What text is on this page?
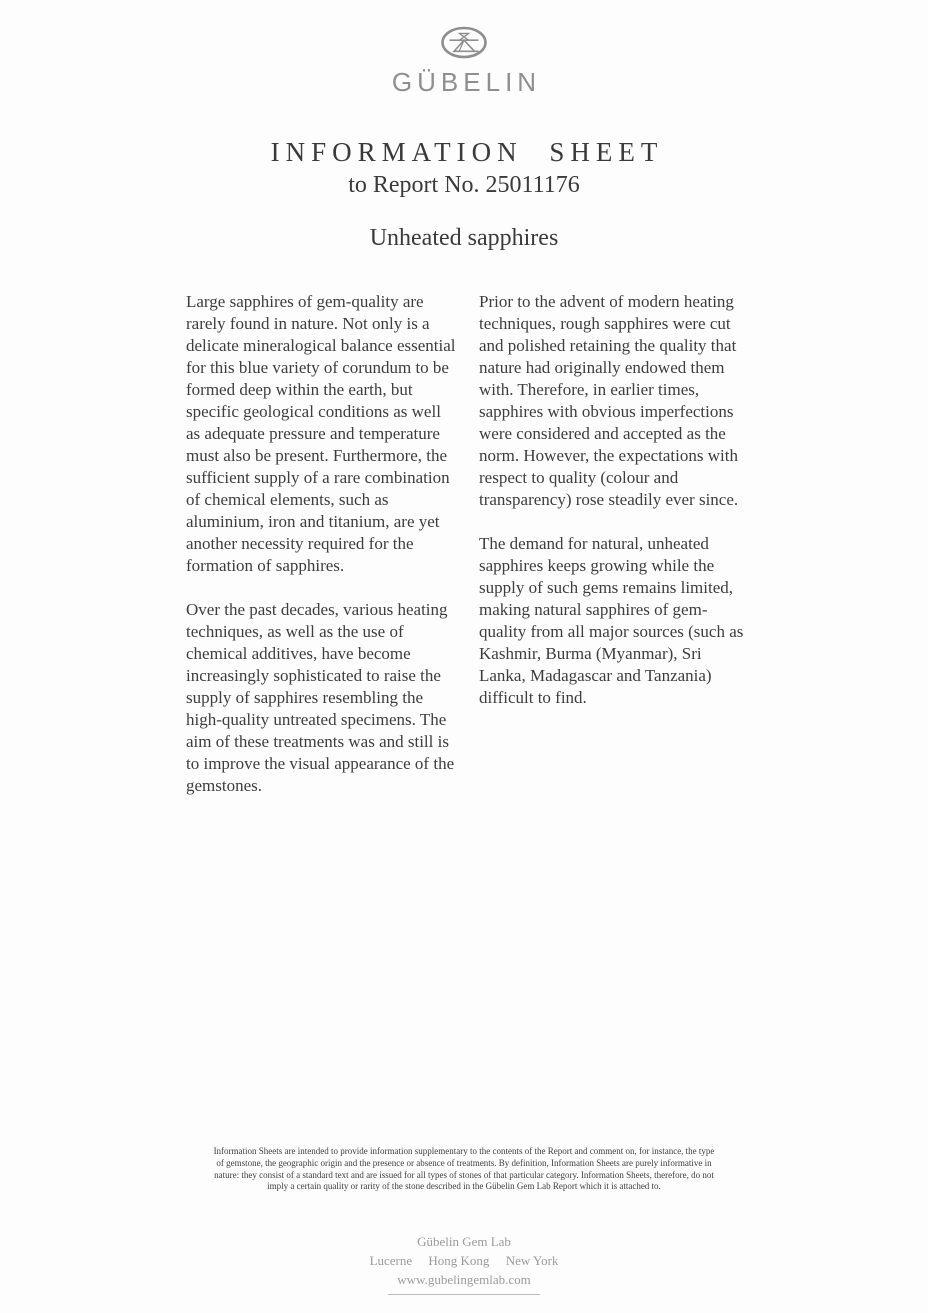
GÜBELIN
INFORMATION SHEET
to Report No. 25011176
Unheated sapphires

Large sapphires of gem-quality are rarely found in nature. Not only is a delicate mineralogical balance essential for this blue variety of corundum to be formed deep within the earth, but specific geological conditions as well as adequate pressure and temperature must also be present. Furthermore, the sufficient supply of a rare combination of chemical elements, such as aluminium, iron and titanium, are yet another necessity required for the formation of sapphires.

Over the past decades, various heating techniques, as well as the use of chemical additives, have become increasingly sophisticated to raise the supply of sapphires resembling the high-quality untreated specimens. The aim of these treatments was and still is to improve the visual appearance of the gemstones.

Prior to the advent of modern heating techniques, rough sapphires were cut and polished retaining the quality that nature had originally endowed them with. Therefore, in earlier times, sapphires with obvious imperfections were considered and accepted as the norm. However, the expectations with respect to quality (colour and transparency) rose steadily ever since.

The demand for natural, unheated sapphires keeps growing while the supply of such gems remains limited, making natural sapphires of gem-quality from all major sources (such as Kashmir, Burma (Myanmar), Sri Lanka, Madagascar and Tanzania) difficult to find.

Information Sheets are intended to provide information supplementary to the contents of the Report and comment on, for instance, the type
of gemstone, the geographic origin and the presence or absence of treatments. By definition, Information Sheets are purely informative in
nature: they consist of a standard text and are issued for all types of stones of that particular category. Information Sheets, therefore, do not
imply a certain quality or rarity of the stone described in the Gübelin Gem Lab Report which it is attached to.
Gübelin Gem Lab
Lucerne Hong Kong New York
www.gubelingemlab.com
